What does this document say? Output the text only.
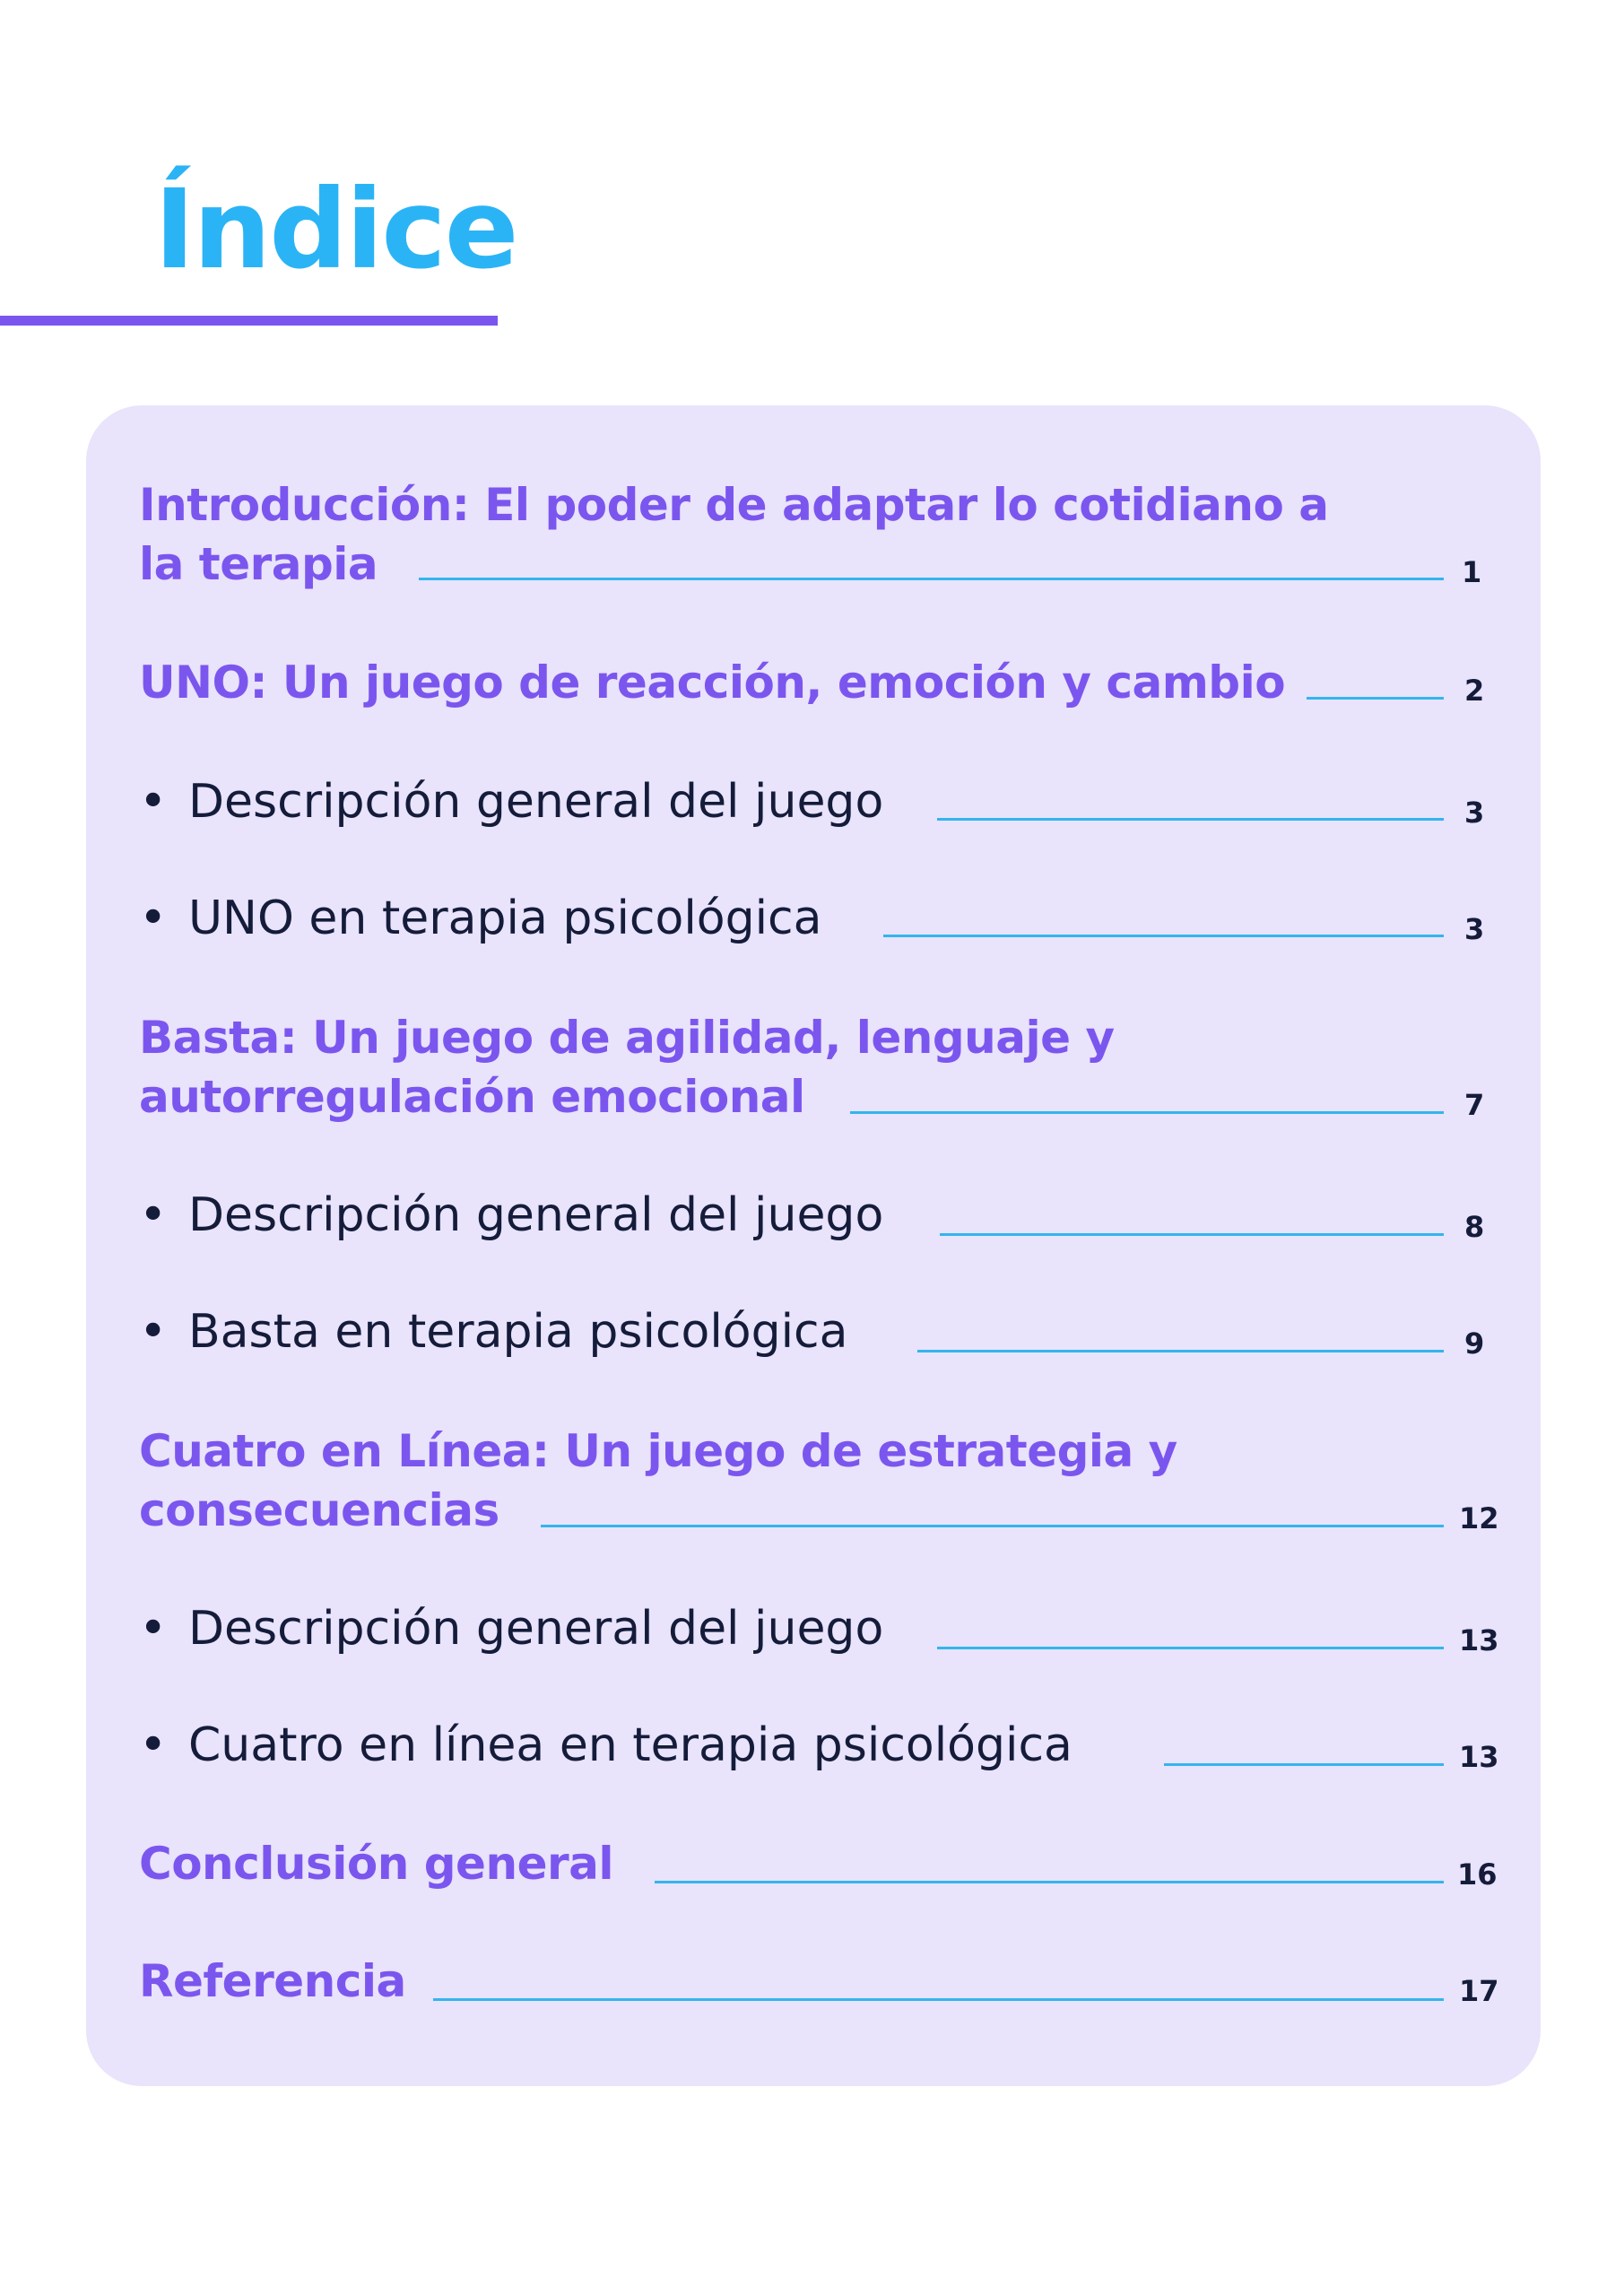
Índice
Introducción: El poder de adaptar lo cotidiano a
la terapia	1
UNO: Un juego de reacción, emoción y cambio	2
• Descripción general del juego	3
• UNO en terapia psicológica	3
Basta: Un juego de agilidad, lenguaje y
autorregulación emocional	7
• Descripción general del juego	8
• Basta en terapia psicológica	9
Cuatro en Línea: Un juego de estrategia y
consecuencias	12
• Descripción general del juego	13
• Cuatro en línea en terapia psicológica	13
Conclusión general	16
Referencia	17
